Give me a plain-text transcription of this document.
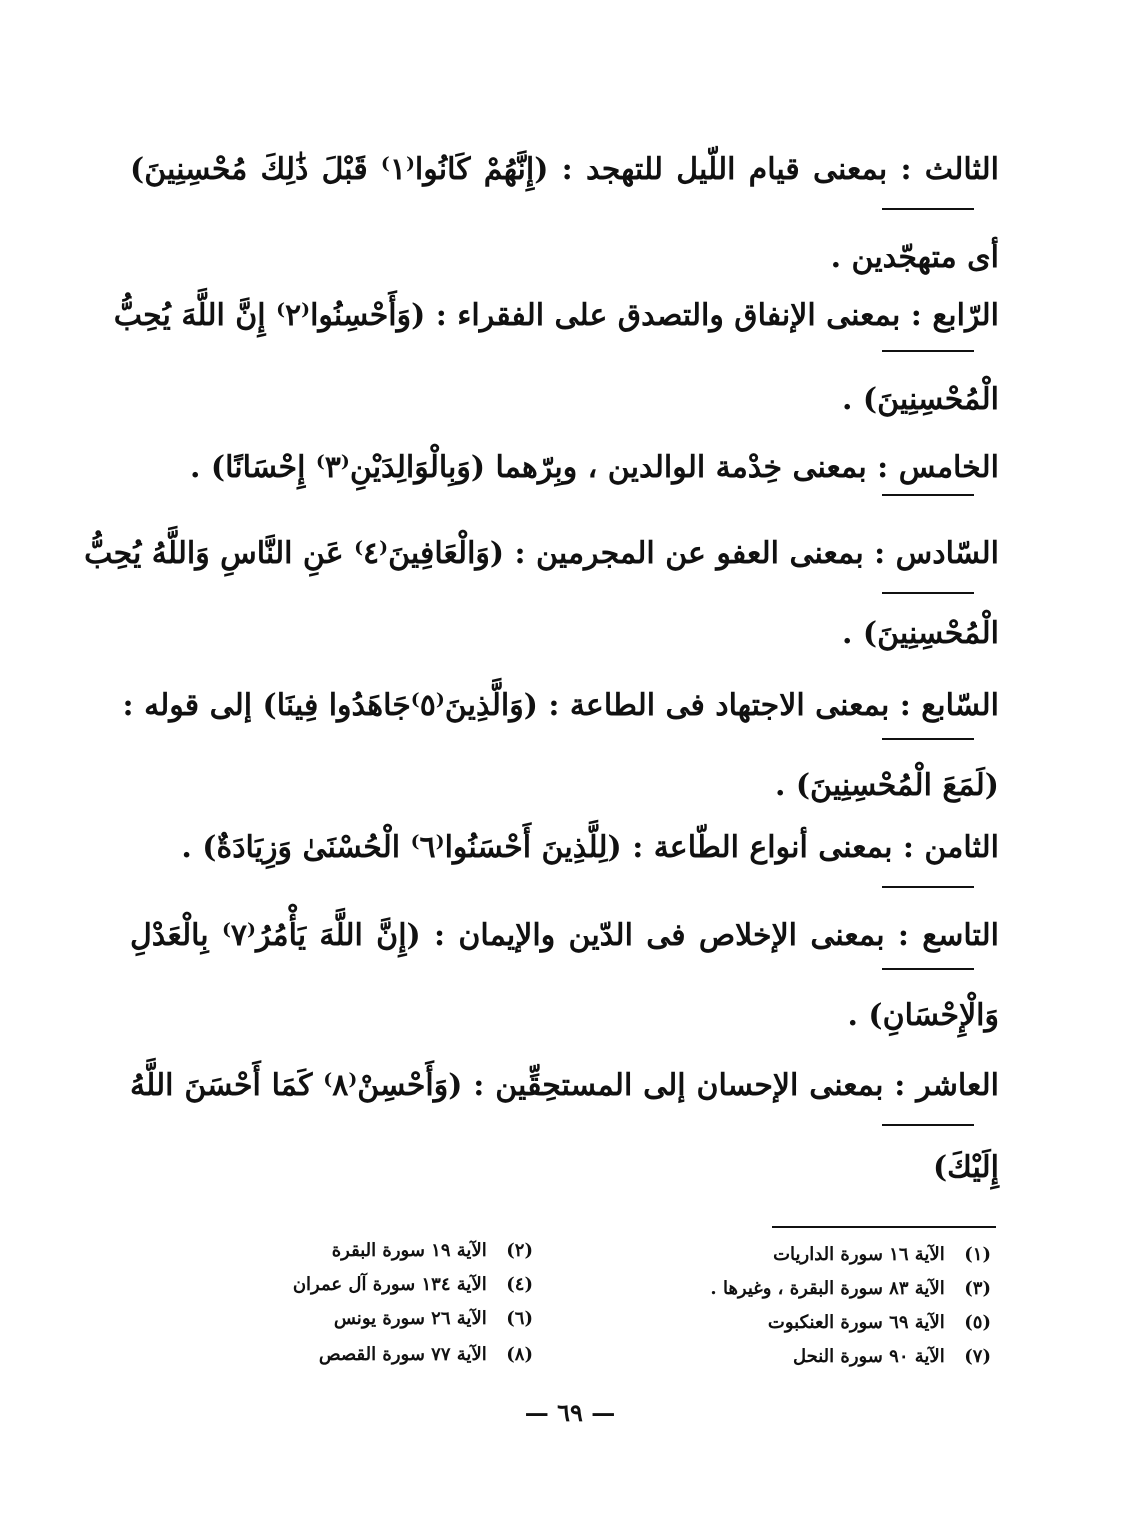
الثالث : بمعنى قيام اللّيل للتهجد : (إِنَّهُمْ كَانُوا⁽١⁾ قَبْلَ ذَٰلِكَ مُحْسِنِينَ)
أى متهجّدين .
الرّابع : بمعنى الإنفاق والتصدق على الفقراء : (وَأَحْسِنُوا⁽٢⁾ إِنَّ اللَّهَ يُحِبُّ
الْمُحْسِنِينَ) .
الخامس : بمعنى خِدْمة الوالدين ، وبِرّهما (وَبِالْوَالِدَيْنِ⁽٣⁾ إِحْسَانًا) .
السّادس : بمعنى العفو عن المجرمين : (وَالْعَافِينَ⁽٤⁾ عَنِ النَّاسِ وَاللَّهُ يُحِبُّ
الْمُحْسِنِينَ) .
السّابع : بمعنى الاجتهاد فى الطاعة : (وَالَّذِينَ⁽٥⁾جَاهَدُوا فِينَا) إلى قوله :
(لَمَعَ الْمُحْسِنِينَ) .
الثامن : بمعنى أنواع الطّاعة : (لِلَّذِينَ أَحْسَنُوا⁽٦⁾ الْحُسْنَىٰ وَزِيَادَةٌ) .
التاسع : بمعنى الإخلاص فى الدّين والإيمان : (إِنَّ اللَّهَ يَأْمُرُ⁽٧⁾ بِالْعَدْلِ
وَالْإِحْسَانِ) .
العاشر : بمعنى الإحسان إلى المستحِقِّين : (وَأَحْسِنْ⁽٨⁾ كَمَا أَحْسَنَ اللَّهُ
إِلَيْكَ)
(١) الآية ١٦ سورة الداريات
(٣) الآية ٨٣ سورة البقرة ، وغيرها .
(٥) الآية ٦٩ سورة العنكبوت
(٧) الآية ٩٠ سورة النحل
(٢) الآية ١٩ سورة البقرة
(٤) الآية ١٣٤ سورة آل عمران
(٦) الآية ٢٦ سورة يونس
(٨) الآية ٧٧ سورة القصص
— ٦٩ —
